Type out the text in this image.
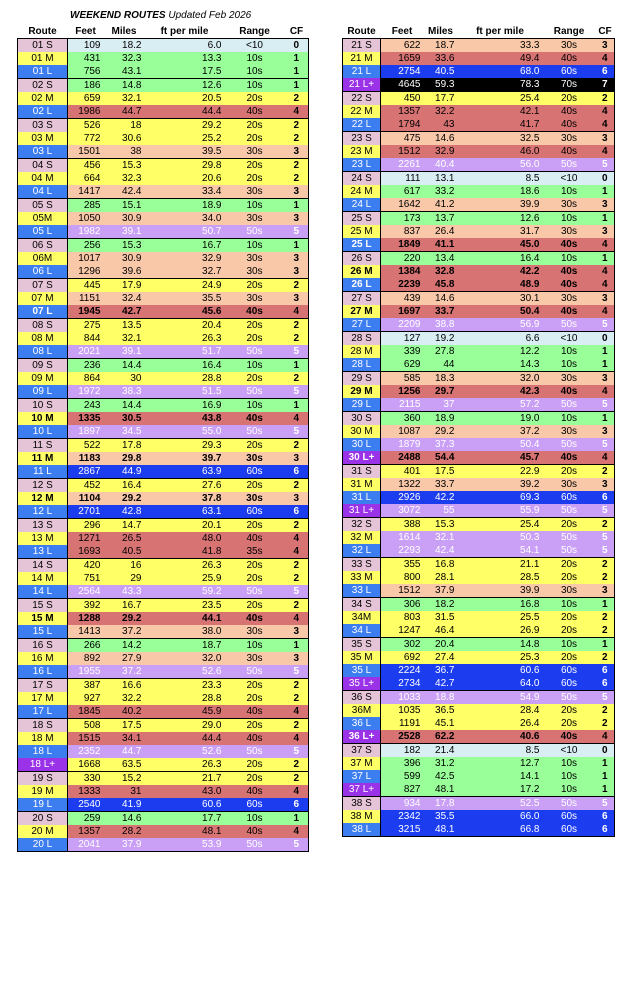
WEEKEND ROUTES Updated Feb 2026
Route	Feet	Miles	ft per mile	Range	CF
01 S	109	18.2	6.0	<10	0
01 M	431	32.3	13.3	10s	1
01 L	756	43.1	17.5	10s	1
02 S	186	14.8	12.6	10s	1
02 M	659	32.1	20.5	20s	2
02 L	1986	44.7	44.4	40s	4
03 S	526	18	29.2	20s	2
03 M	772	30.6	25.2	20s	2
03 L	1501	38	39.5	30s	3
04 S	456	15.3	29.8	20s	2
04 M	664	32.3	20.6	20s	2
04 L	1417	42.4	33.4	30s	3
05 S	285	15.1	18.9	10s	1
05M	1050	30.9	34.0	30s	3
05 L	1982	39.1	50.7	50s	5
06 S	256	15.3	16.7	10s	1
06M	1017	30.9	32.9	30s	3
06 L	1296	39.6	32.7	30s	3
07 S	445	17.9	24.9	20s	2
07 M	1151	32.4	35.5	30s	3
07 L	1945	42.7	45.6	40s	4
08 S	275	13.5	20.4	20s	2
08 M	844	32.1	26.3	20s	2
08 L	2021	39.1	51.7	50s	5
09 S	236	14.4	16.4	10s	1
09 M	864	30	28.8	20s	2
09 L	1972	38.3	51.5	50s	5
10 S	243	14.4	16.9	10s	1
10 M	1335	30.5	43.8	40s	4
10 L	1897	34.5	55.0	50s	5
11 S	522	17.8	29.3	20s	2
11 M	1183	29.8	39.7	30s	3
11 L	2867	44.9	63.9	60s	6
12 S	452	16.4	27.6	20s	2
12 M	1104	29.2	37.8	30s	3
12 L	2701	42.8	63.1	60s	6
13 S	296	14.7	20.1	20s	2
13 M	1271	26.5	48.0	40s	4
13 L	1693	40.5	41.8	35s	4
14 S	420	16	26.3	20s	2
14 M	751	29	25.9	20s	2
14 L	2564	43.3	59.2	50s	5
15 S	392	16.7	23.5	20s	2
15 M	1288	29.2	44.1	40s	4
15 L	1413	37.2	38.0	30s	3
16 S	266	14.2	18.7	10s	1
16 M	892	27.9	32.0	30s	3
16 L	1955	37.2	52.6	50s	5
17 S	387	16.6	23.3	20s	2
17 M	927	32.2	28.8	20s	2
17 L	1845	40.2	45.9	40s	4
18 S	508	17.5	29.0	20s	2
18 M	1515	34.1	44.4	40s	4
18 L	2352	44.7	52.6	50s	5
18 L+	1668	63.5	26.3	20s	2
19 S	330	15.2	21.7	20s	2
19 M	1333	31	43.0	40s	4
19 L	2540	41.9	60.6	60s	6
20 S	259	14.6	17.7	10s	1
20 M	1357	28.2	48.1	40s	4
20 L	2041	37.9	53.9	50s	5
Route	Feet	Miles	ft per mile	Range	CF
21 S	622	18.7	33.3	30s	3
21 M	1659	33.6	49.4	40s	4
21 L	2754	40.5	68.0	60s	6
21 L+	4645	59.3	78.3	70s	7
22 S	450	17.7	25.4	20s	2
22 M	1357	32.2	42.1	40s	4
22 L	1794	43	41.7	40s	4
23 S	475	14.6	32.5	30s	3
23 M	1512	32.9	46.0	40s	4
23 L	2261	40.4	56.0	50s	5
24 S	111	13.1	8.5	<10	0
24 M	617	33.2	18.6	10s	1
24 L	1642	41.2	39.9	30s	3
25 S	173	13.7	12.6	10s	1
25 M	837	26.4	31.7	30s	3
25 L	1849	41.1	45.0	40s	4
26 S	220	13.4	16.4	10s	1
26 M	1384	32.8	42.2	40s	4
26 L	2239	45.8	48.9	40s	4
27 S	439	14.6	30.1	30s	3
27 M	1697	33.7	50.4	40s	4
27 L	2209	38.8	56.9	50s	5
28 S	127	19.2	6.6	<10	0
28 M	339	27.8	12.2	10s	1
28 L	629	44	14.3	10s	1
29 S	585	18.3	32.0	30s	3
29 M	1256	29.7	42.3	40s	4
29 L	2115	37	57.2	50s	5
30 S	360	18.9	19.0	10s	1
30 M	1087	29.2	37.2	30s	3
30 L	1879	37.3	50.4	50s	5
30 L+	2488	54.4	45.7	40s	4
31 S	401	17.5	22.9	20s	2
31 M	1322	33.7	39.2	30s	3
31 L	2926	42.2	69.3	60s	6
31 L+	3072	55	55.9	50s	5
32 S	388	15.3	25.4	20s	2
32 M	1614	32.1	50.3	50s	5
32 L	2293	42.4	54.1	50s	5
33 S	355	16.8	21.1	20s	2
33 M	800	28.1	28.5	20s	2
33 L	1512	37.9	39.9	30s	3
34 S	306	18.2	16.8	10s	1
34M	803	31.5	25.5	20s	2
34 L	1247	46.4	26.9	20s	2
35 S	302	20.4	14.8	10s	1
35 M	692	27.4	25.3	20s	2
35 L	2224	36.7	60.6	60s	6
35 L+	2734	42.7	64.0	60s	6
36 S	1033	18.8	54.9	50s	5
36M	1035	36.5	28.4	20s	2
36 L	1191	45.1	26.4	20s	2
36 L+	2528	62.2	40.6	40s	4
37 S	182	21.4	8.5	<10	0
37 M	396	31.2	12.7	10s	1
37 L	599	42.5	14.1	10s	1
37 L+	827	48.1	17.2	10s	1
38 S	934	17.8	52.5	50s	5
38 M	2342	35.5	66.0	60s	6
38 L	3215	48.1	66.8	60s	6
